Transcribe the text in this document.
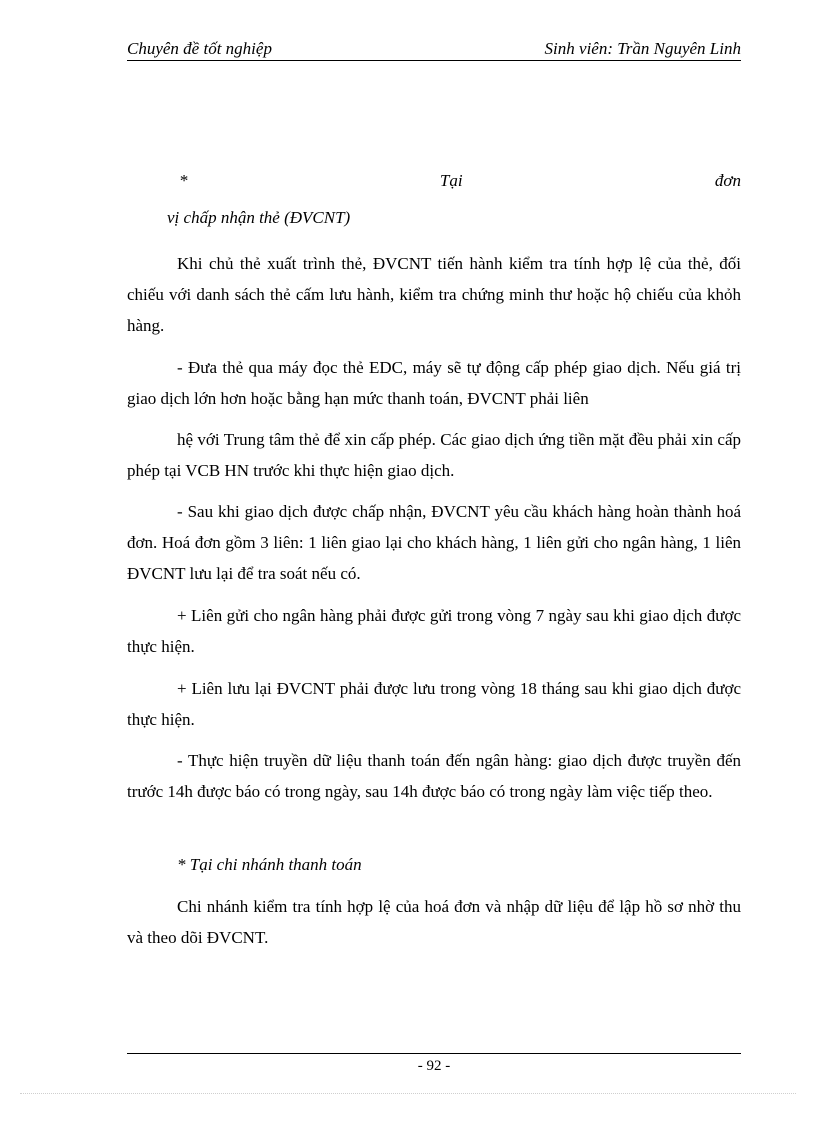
Chuyên đề tốt nghiệp	Sinh viên: Trần Nguyên Linh
*	Tại	đơn
vị chấp nhận thẻ (ĐVCNT)
Khi chủ thẻ xuất trình thẻ, ĐVCNT tiến hành kiểm tra tính hợp lệ của thẻ, đối chiếu với danh sách thẻ cấm lưu hành, kiểm tra chứng minh thư hoặc hộ chiếu của khỏh hàng.
- Đưa thẻ qua máy đọc thẻ EDC, máy sẽ tự động cấp phép giao dịch. Nếu giá trị giao dịch lớn hơn hoặc bằng hạn mức thanh toán, ĐVCNT phải liên
hệ với Trung tâm thẻ để xin cấp phép. Các giao dịch ứng tiền mặt đều phải xin cấp phép tại VCB HN trước khi thực hiện giao dịch.
- Sau khi giao dịch được chấp nhận, ĐVCNT yêu cầu khách hàng hoàn thành hoá đơn. Hoá đơn gồm 3 liên: 1 liên giao lại cho khách hàng, 1 liên gửi cho ngân hàng, 1 liên ĐVCNT lưu lại để tra soát nếu có.
+ Liên gửi cho ngân hàng phải được gửi trong vòng 7 ngày sau khi giao dịch được thực hiện.
+ Liên lưu lại ĐVCNT phải được lưu trong vòng 18 tháng sau khi giao dịch được thực hiện.
- Thực hiện truyền dữ liệu thanh toán đến ngân hàng: giao dịch được truyền đến trước 14h được báo có trong ngày, sau 14h được báo có trong ngày làm việc tiếp theo.
* Tại chi nhánh thanh toán
Chi nhánh kiểm tra tính hợp lệ của hoá đơn và nhập dữ liệu để lập hồ sơ nhờ thu và theo dõi ĐVCNT.
- 92 -
